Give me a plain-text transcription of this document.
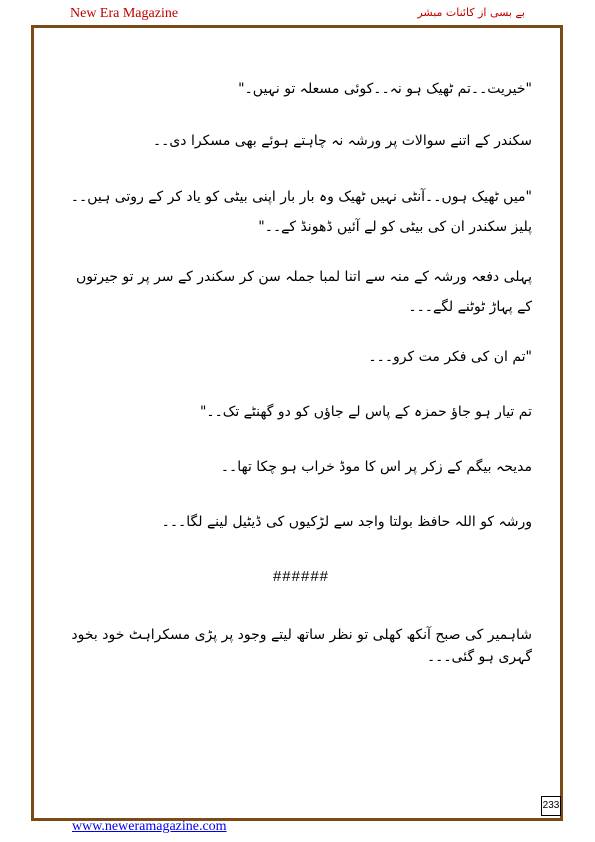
New Era Magazine	بے بسی از کائنات مبشر

"خیریت۔۔تم ٹھیک ہو نہ۔۔کوئی مسعلہ تو نہیں۔"

سکندر کے اتنے سوالات پر ورشہ نہ چاہتے ہوئے بھی مسکرا دی۔۔

"میں ٹھیک ہوں۔۔آنٹی نہیں ٹھیک وہ بار بار اپنی بیٹی کو یاد کر کے روتی ہیں۔۔پلیز سکندر ان کی بیٹی کو لے آئیں ڈھونڈ کے۔۔"

پہلی دفعہ ورشہ کے منہ سے اتنا لمبا جملہ سن کر سکندر کے سر پر تو جیرتوں کے پہاڑ ٹوٹنے لگے۔۔۔

"تم ان کی فکر مت کرو۔۔۔

تم تیار ہو جاؤ حمزہ کے پاس لے جاؤں کو دو گھنٹے تک۔۔"

مدیحہ بیگم کے زکر پر اس کا موڈ خراب ہو چکا تھا۔۔

ورشہ کو اللہ حافظ بولتا واجد سے لڑکیوں کی ڈیٹیل لینے لگا۔۔۔

######

شاہمیر کی صبح آنکھ کھلی تو نظر ساتھ لیتے وجود پر پڑی مسکراہٹ خود بخود گہری ہو گئی۔۔۔

233
www.neweramagazine.com
